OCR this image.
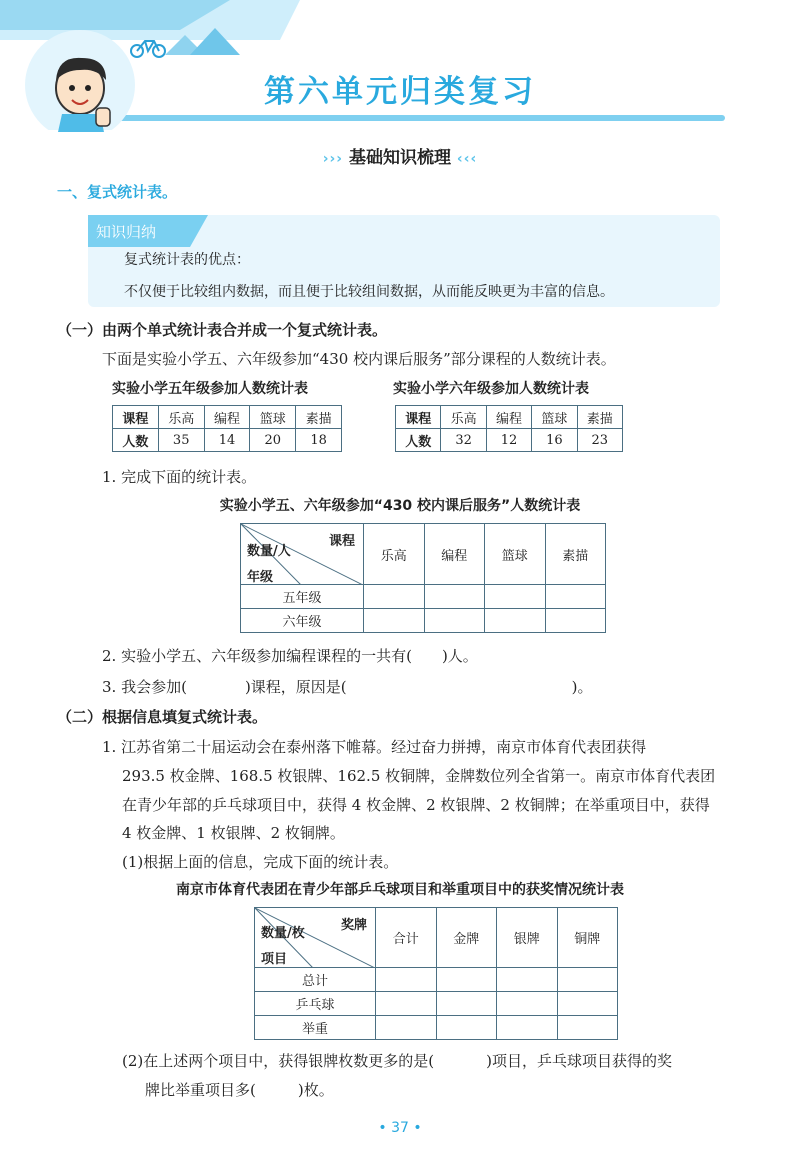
第六单元归类复习
››› 基础知识梳理 ‹‹‹
一、复式统计表。
知识归纳
复式统计表的优点：
不仅便于比较组内数据，而且便于比较组间数据，从而能反映更为丰富的信息。
（一）由两个单式统计表合并成一个复式统计表。
下面是实验小学五、六年级参加“430 校内课后服务”部分课程的人数统计表。
实验小学五年级参加人数统计表
课程	乐高	编程	篮球	素描
人数	35	14	20	18
实验小学六年级参加人数统计表
课程	乐高	编程	篮球	素描
人数	32	12	16	23
1. 完成下面的统计表。
实验小学五、六年级参加“430 校内课后服务”人数统计表
课程
数量/人
年级	乐高	编程	篮球	素描
五年级				
六年级				
2. 实验小学五、六年级参加编程课程的一共有( )人。
3. 我会参加(	)课程，原因是(	)。
（二）根据信息填复式统计表。
1. 江苏省第二十届运动会在泰州落下帷幕。经过奋力拼搏，南京市体育代表团获得
293.5 枚金牌、168.5 枚银牌、162.5 枚铜牌，金牌数位列全省第一。南京市体育代表团
在青少年部的乒乓球项目中，获得 4 枚金牌、2 枚银牌、2 枚铜牌；在举重项目中，获得
4 枚金牌、1 枚银牌、2 枚铜牌。
(1)根据上面的信息，完成下面的统计表。
南京市体育代表团在青少年部乒乓球项目和举重项目中的获奖情况统计表
奖牌
数量/枚
项目	合计	金牌	银牌	铜牌
总计				
乒乓球				
举重				
(2)在上述两个项目中，获得银牌枚数更多的是(	)项目，乒乓球项目获得的奖
牌比举重项目多(	)枚。
• 37 •
